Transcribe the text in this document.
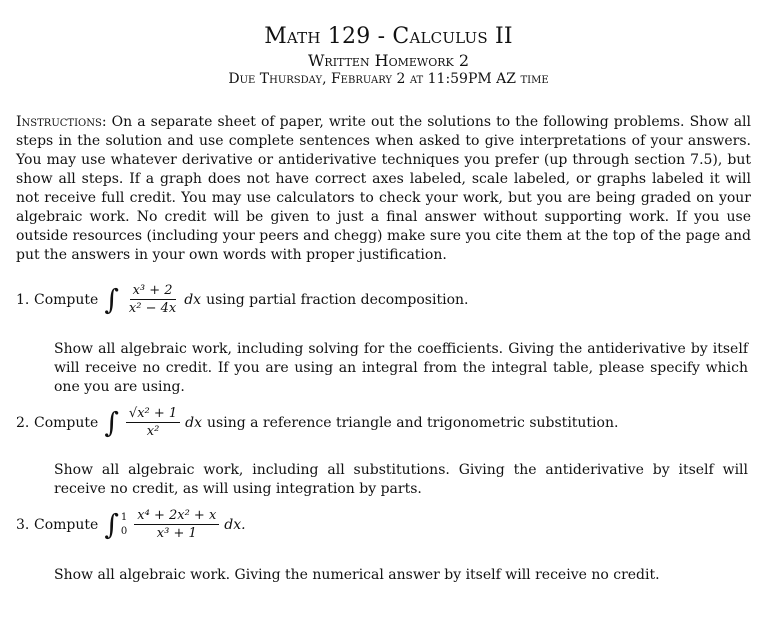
Math 129 - Calculus II
Written Homework 2
Due Thursday, February 2 at 11:59PM AZ time
Instructions: On a separate sheet of paper, write out the solutions to the following problems. Show all steps in the solution and use complete sentences when asked to give interpretations of your answers. You may use whatever derivative or antiderivative techniques you prefer (up through section 7.5), but show all steps. If a graph does not have correct axes labeled, scale labeled, or graphs labeled it will not receive full credit. You may use calculators to check your work, but you are being graded on your algebraic work. No credit will be given to just a final answer without supporting work. If you use outside resources (including your peers and chegg) make sure you cite them at the top of the page and put the answers in your own words with proper justification.
1. Compute ∫ $\frac{\text{x³ + 2}}{\text{x² − 4x}}$ dx using partial fraction decomposition.
Show all algebraic work, including solving for the coefficients. Giving the antiderivative by itself will receive no credit. If you are using an integral from the integral table, please specify which one you are using.
2. Compute ∫ $\frac{\text{√x² + 1}}{\text{x²}}$ dx using a reference triangle and trigonometric substitution.
Show all algebraic work, including all substitutions. Giving the antiderivative by itself will receive no credit, as will using integration by parts.
3. Compute ∫ 1
$0 \frac{\text{x⁴ + 2x² + x}}{\text{x³ + 1}}$ dx.
Show all algebraic work. Giving the numerical answer by itself will receive no credit.
